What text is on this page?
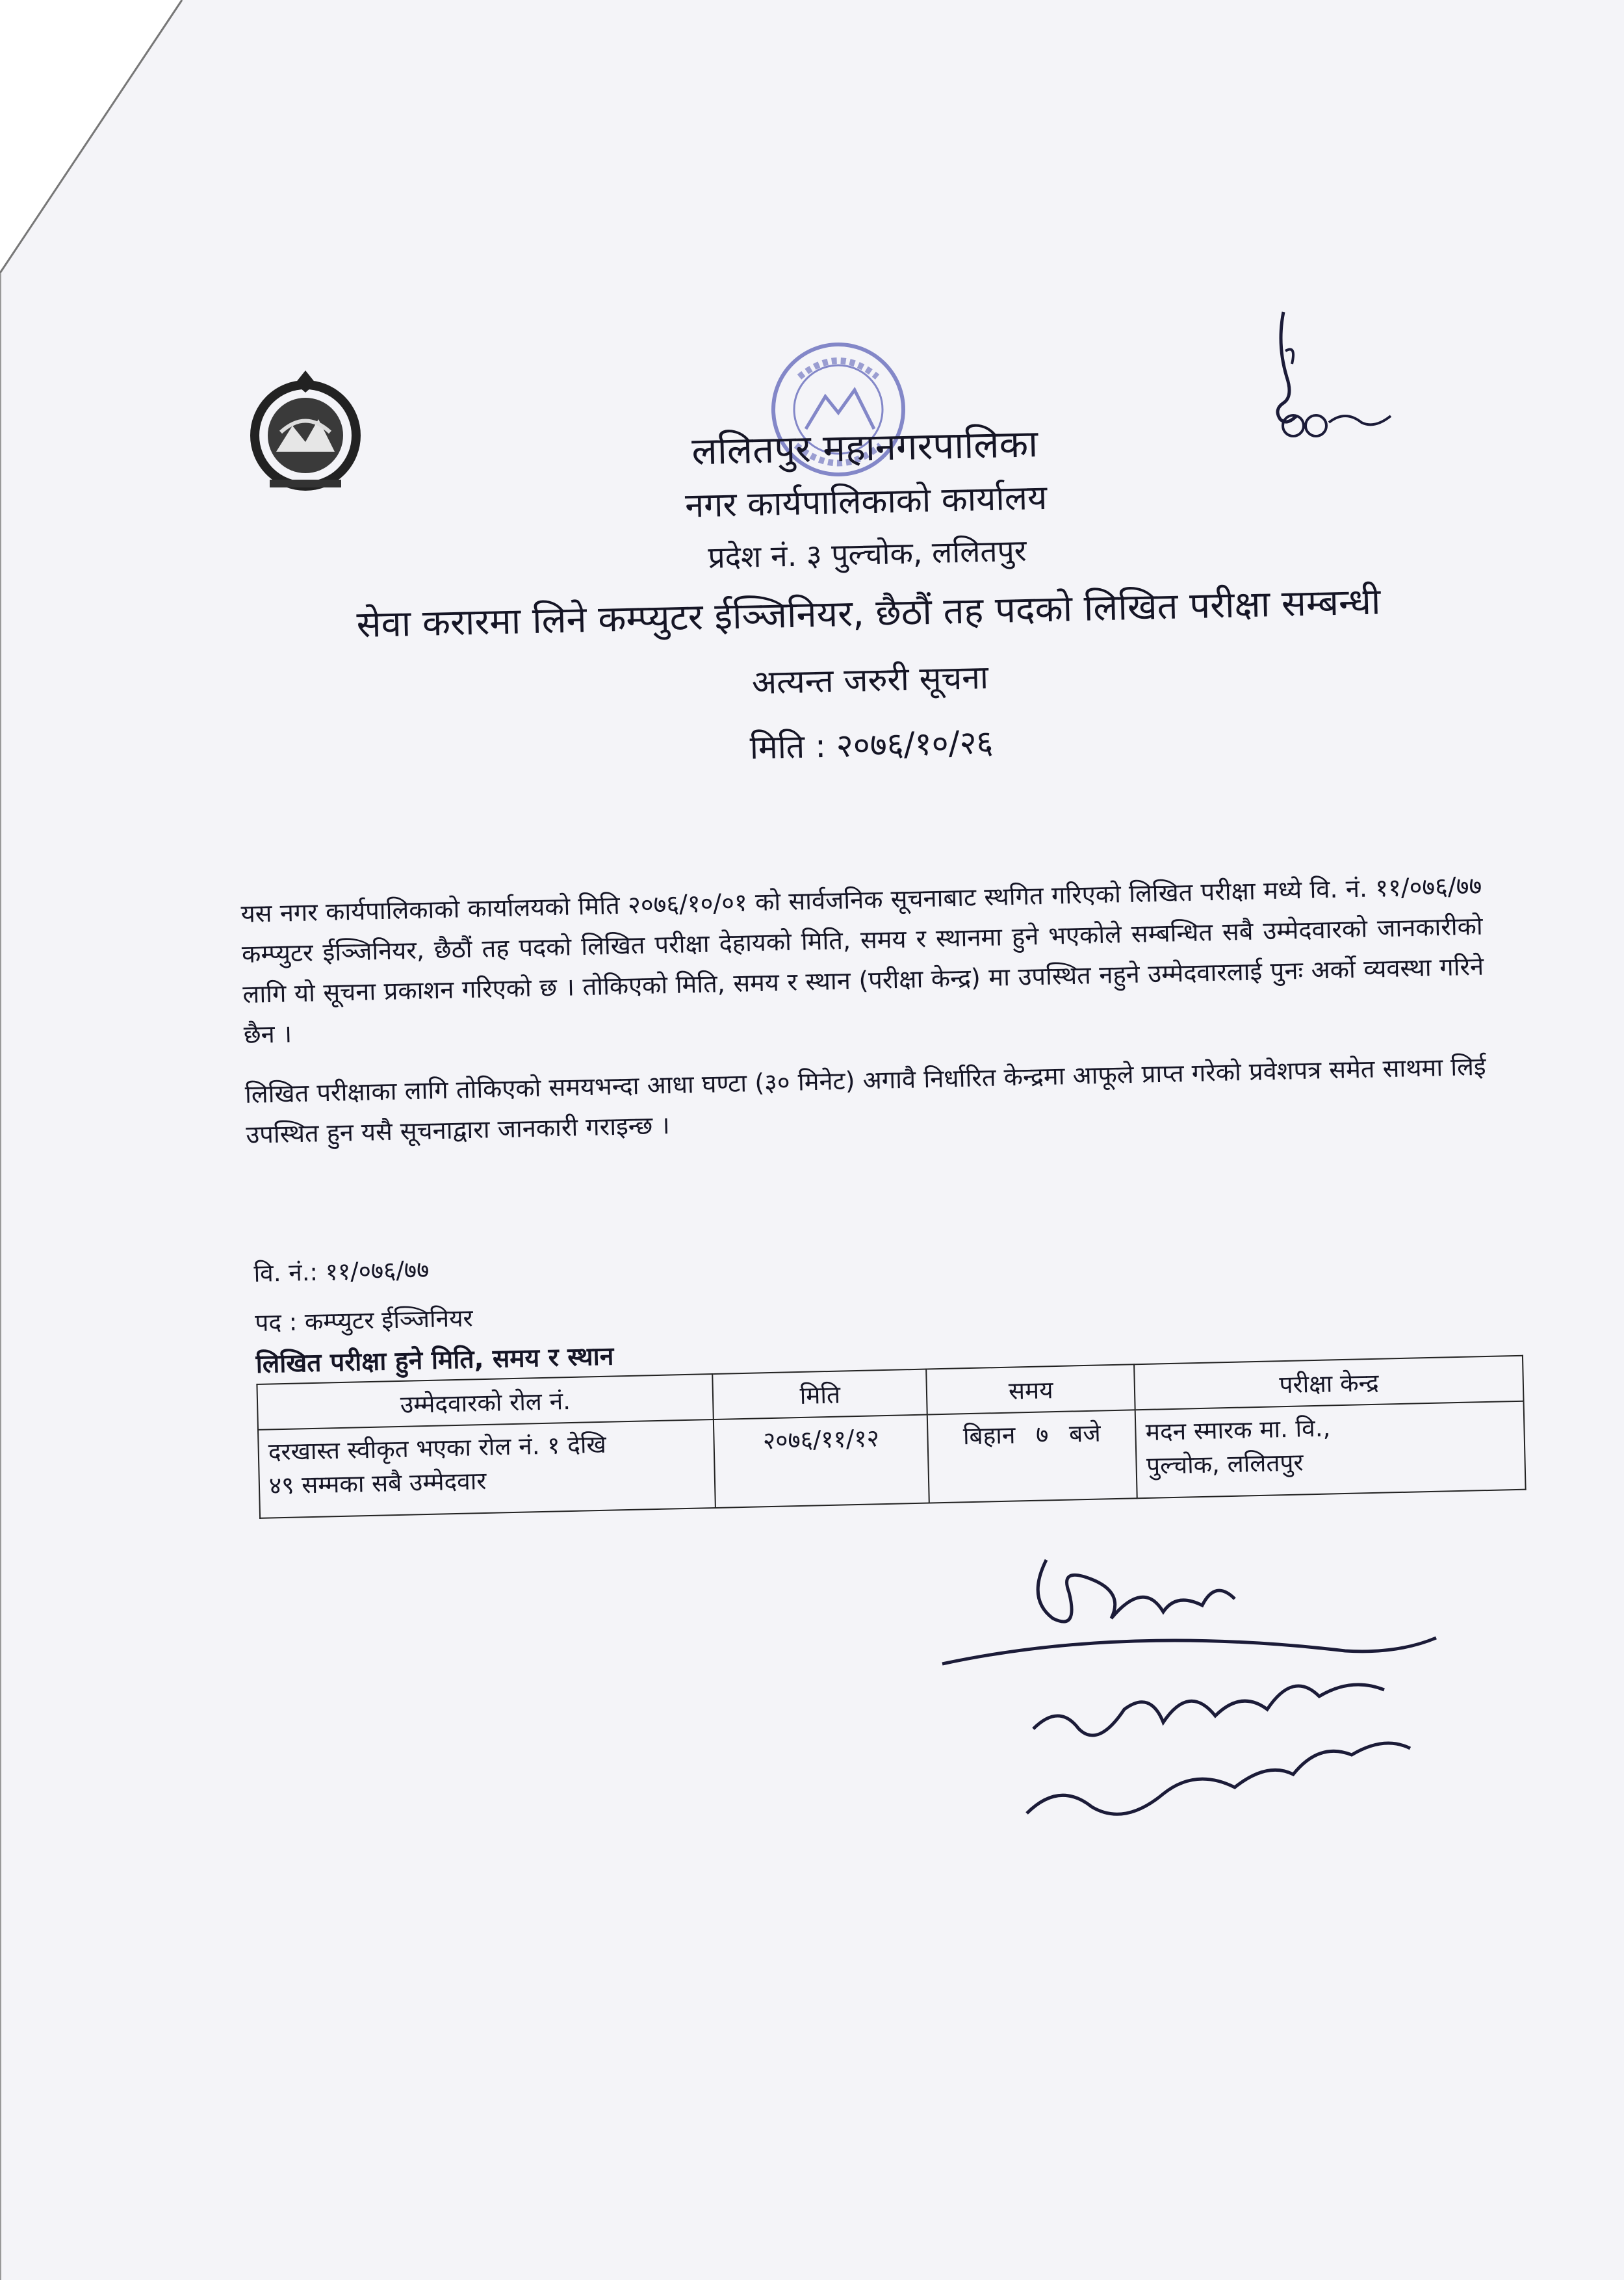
ललितपुर महानगरपालिका
नगर कार्यपालिकाको कार्यालय
प्रदेश नं. ३ पुल्चोक, ललितपुर
सेवा करारमा लिने कम्प्युटर ईञ्जिनियर, छैठौं तह पदको लिखित परीक्षा सम्बन्धी
अत्यन्त जरुरी सूचना
मिति : २०७६/१०/२६

यस नगर कार्यपालिकाको कार्यालयको मिति २०७६/१०/०१ को सार्वजनिक सूचनाबाट स्थगित गरिएको लिखित परीक्षा मध्ये वि. नं. ११/०७६/७७ कम्प्युटर ईञ्जिनियर, छैठौं तह पदको लिखित परीक्षा देहायको मिति, समय र स्थानमा हुने भएकोले सम्बन्धित सबै उम्मेदवारको जानकारीको लागि यो सूचना प्रकाशन गरिएको छ । तोकिएको मिति, समय र स्थान (परीक्षा केन्द्र) मा उपस्थित नहुने उम्मेदवारलाई पुनः अर्को व्यवस्था गरिने छैन ।

लिखित परीक्षाका लागि तोकिएको समयभन्दा आधा घण्टा (३० मिनेट) अगावै निर्धारित केन्द्रमा आफूले प्राप्त गरेको प्रवेशपत्र समेत साथमा लिई उपस्थित हुन यसै सूचनाद्वारा जानकारी गराइन्छ ।

वि. नं.: ११/०७६/७७
पद : कम्प्युटर ईञ्जिनियर
लिखित परीक्षा हुने मिति, समय र स्थान
उम्मेदवारको रोल नं.	मिति	समय	परीक्षा केन्द्र
दरखास्त स्वीकृत भएका रोल नं. १ देखि
४९ सम्मका सबै उम्मेदवार	२०७६/११/१२	बिहान ७ बजे	मदन स्मारक मा. वि.,
पुल्चोक, ललितपुर
